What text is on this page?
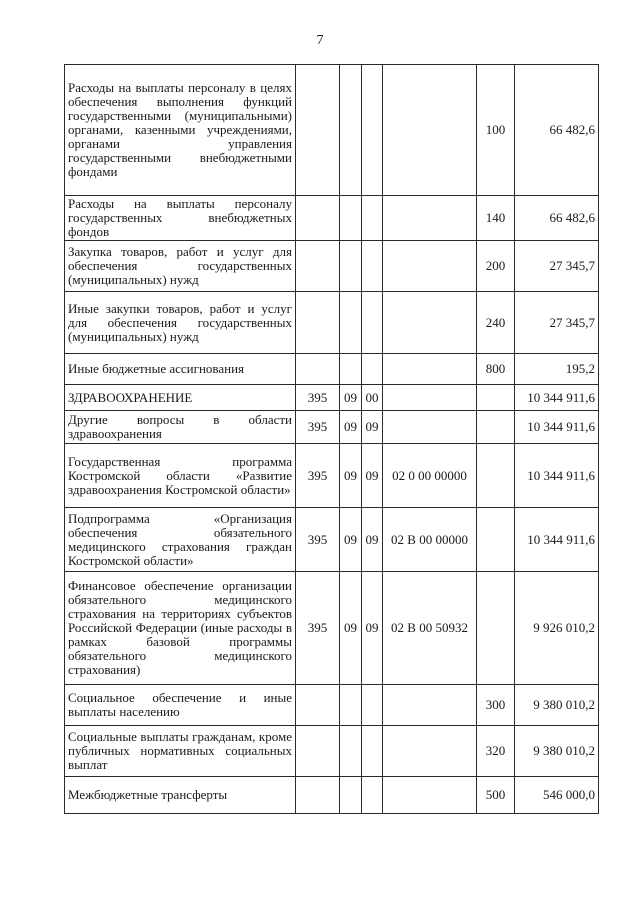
7
Расходы на выплаты персоналу в целях обеспечения выполнения функций государственными (муниципальными) органами, казенными учреждениями, органами управления государственными внебюджетными фондами					100	66 482,6
Расходы на выплаты персоналу государственных внебюджетных фондов					140	66 482,6
Закупка товаров, работ и услуг для обеспечения государственных (муниципальных) нужд					200	27 345,7
Иные закупки товаров, работ и услуг для обеспечения государственных (муниципальных) нужд					240	27 345,7
Иные бюджетные ассигнования					800	195,2
ЗДРАВООХРАНЕНИЕ	395	09	00			10 344 911,6
Другие вопросы в области здравоохранения	395	09	09			10 344 911,6
Государственная программа Костромской области «Развитие здравоохранения Костромской области»	395	09	09	02 0 00 00000		10 344 911,6
Подпрограмма «Организация обеспечения обязательного медицинского страхования граждан Костромской области»	395	09	09	02 В 00 00000		10 344 911,6
Финансовое обеспечение организации обязательного медицинского страхования на территориях субъектов Российской Федерации (иные расходы в рамках базовой программы обязательного медицинского страхования)	395	09	09	02 В 00 50932		9 926 010,2
Социальное обеспечение и иные выплаты населению					300	9 380 010,2
Социальные выплаты гражданам, кроме публичных нормативных социальных выплат					320	9 380 010,2
Межбюджетные трансферты					500	546 000,0
